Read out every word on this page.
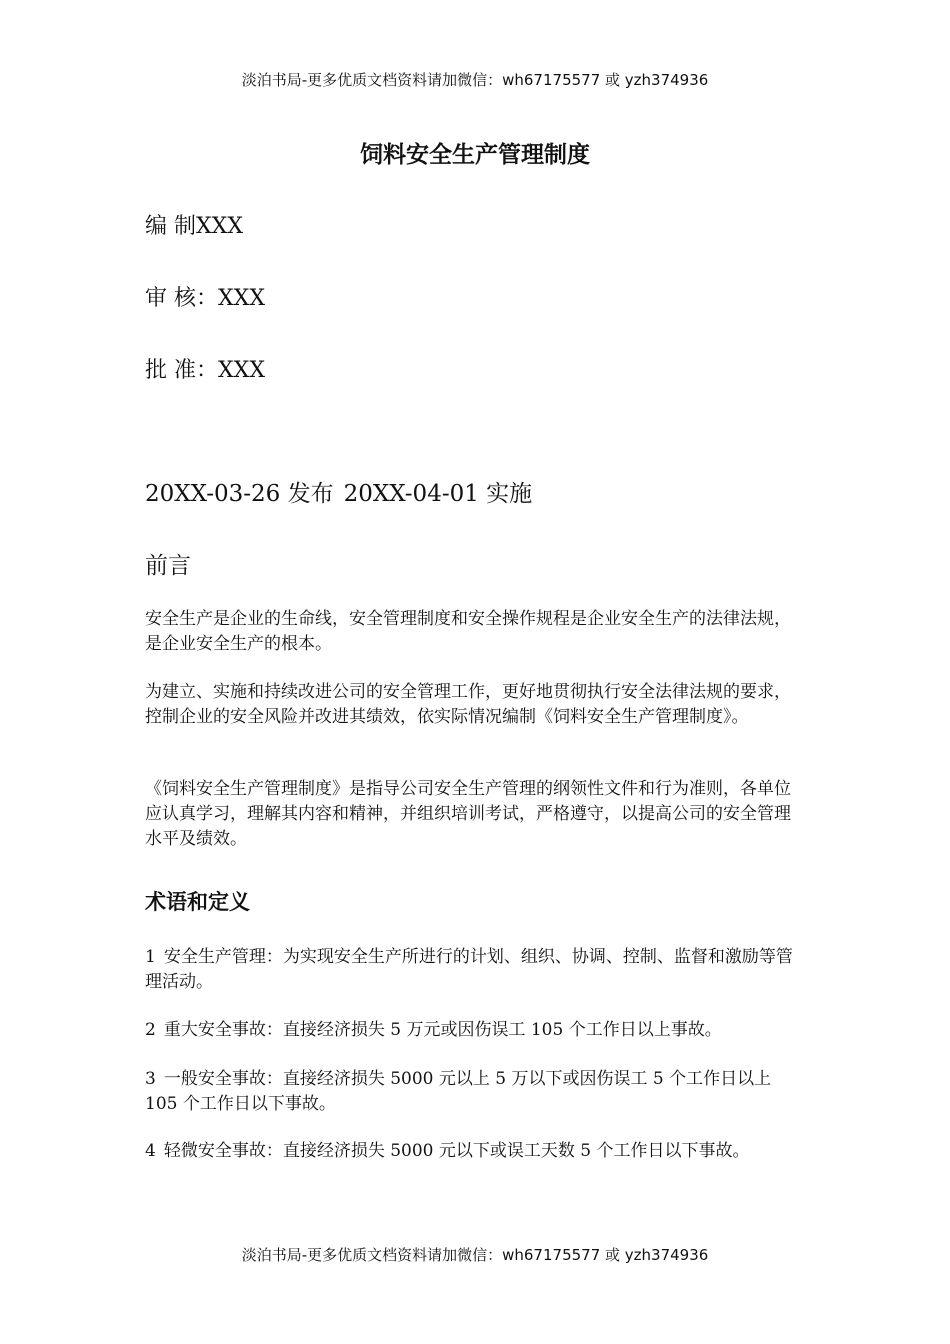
淡泊书局-更多优质文档资料请加微信：wh67175577 或 yzh374936
饲料安全生产管理制度
编 制XXX
审 核：XXX
批 准：XXX
20XX-03-26 发布 20XX-04-01 实施
前言

安全生产是企业的生命线，安全管理制度和安全操作规程是企业安全生产的法律法规，是企业安全生产的根本。

为建立、实施和持续改进公司的安全管理工作，更好地贯彻执行安全法律法规的要求，控制企业的安全风险并改进其绩效，依实际情况编制《饲料安全生产管理制度》。

《饲料安全生产管理制度》是指导公司安全生产管理的纲领性文件和行为准则，各单位应认真学习，理解其内容和精神，并组织培训考试，严格遵守，以提高公司的安全管理水平及绩效。

术语和定义

1 安全生产管理：为实现安全生产所进行的计划、组织、协调、控制、监督和激励等管理活动。

2 重大安全事故：直接经济损失 5 万元或因伤误工 105 个工作日以上事故。

3 一般安全事故：直接经济损失 5000 元以上 5 万以下或因伤误工 5 个工作日以上 105 个工作日以下事故。

4 轻微安全事故：直接经济损失 5000 元以下或误工天数 5 个工作日以下事故。

淡泊书局-更多优质文档资料请加微信：wh67175577 或 yzh374936
